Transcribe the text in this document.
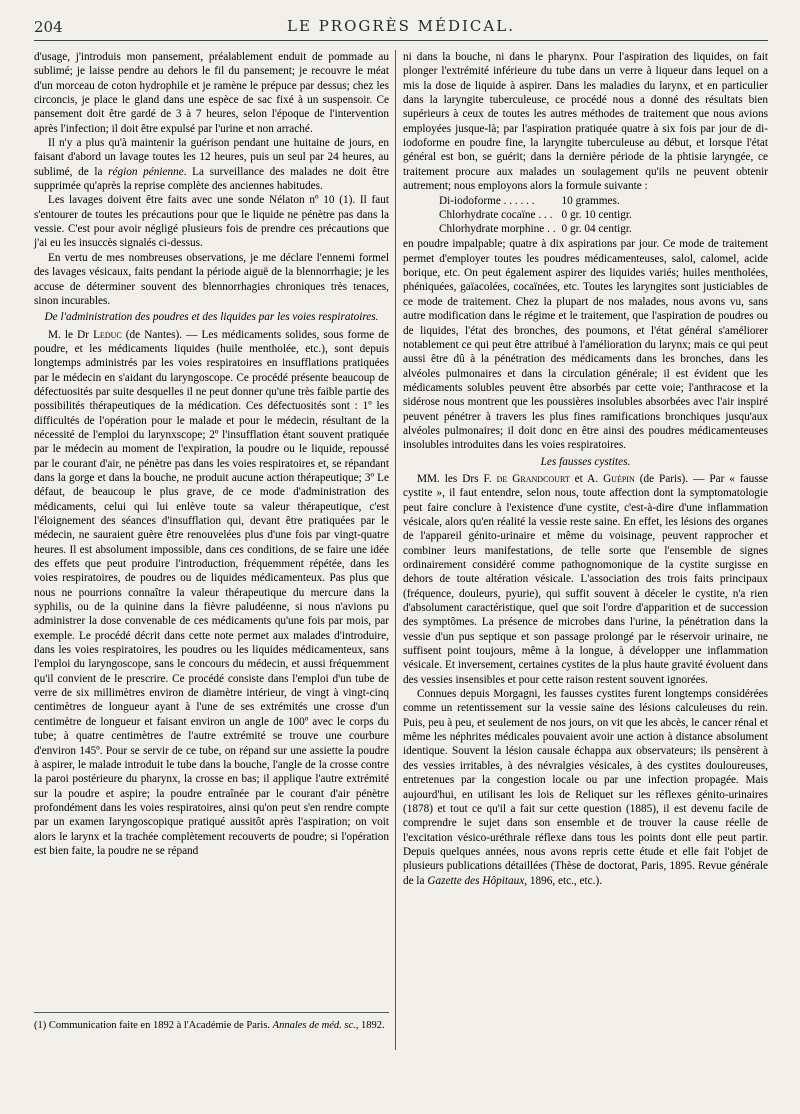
204	LE PROGRÈS MÉDICAL.

d'usage, j'introduis mon pansement, préalablement enduit de pommade au sublimé; je laisse pendre au dehors le fil du pansement; je recouvre le méat d'un morceau de coton hydrophile et je ramène le prépuce par dessus; chez les circoncis, je place le gland dans une espèce de sac fixé à un suspensoir. Ce pansement doit être gardé de 3 à 7 heures, selon l'époque de l'intervention après l'infection; il doit être expulsé par l'urine et non arraché.

Il n'y a plus qu'à maintenir la guérison pendant une huitaine de jours, en faisant d'abord un lavage toutes les 12 heures, puis un seul par 24 heures, au sublimé, de la région pénienne. La surveillance des malades ne doit être supprimée qu'après la reprise complète des anciennes habitudes.

Les lavages doivent être faits avec une sonde Nélaton nº 10 (1). Il faut s'entourer de toutes les précautions pour que le liquide ne pénètre pas dans la vessie. C'est pour avoir négligé plusieurs fois de prendre ces précautions que j'ai eu les insuccès signalés ci-dessus.

En vertu de mes nombreuses observations, je me déclare l'ennemi formel des lavages vésicaux, faits pendant la période aiguë de la blennorrhagie; je les accuse de déterminer souvent des blennorrhagies chroniques très tenaces, sinon incurables.

De l'administration des poudres et des liquides par les voies respiratoires.

M. le Dr Leduc (de Nantes). — Les médicaments solides, sous forme de poudre, et les médicaments liquides (huile mentholée, etc.), sont depuis longtemps administrés par les voies respiratoires en insufflations pratiquées par le médecin en s'aidant du laryngoscope. Ce procédé présente beaucoup de défectuosités par suite desquelles il ne peut donner qu'une très faible partie des possibilités thérapeutiques de la médication. Ces défectuosités sont : 1º les difficultés de l'opération pour le malade et pour le médecin, résultant de la nécessité de l'emploi du larynxscope; 2º l'insufflation étant souvent pratiquée par le médecin au moment de l'expiration, la poudre ou le liquide, repoussé par le courant d'air, ne pénètre pas dans les voies respiratoires et, se répandant dans la gorge et dans la bouche, ne produit aucune action thérapeutique; 3º Le défaut, de beaucoup le plus grave, de ce mode d'administration des médicaments, celui qui lui enlève toute sa valeur thérapeutique, c'est l'éloignement des séances d'insufflation qui, devant être pratiquées par le médecin, ne sauraient guère être renouvelées plus d'une fois par vingt-quatre heures. Il est absolument impossible, dans ces conditions, de se faire une idée des effets que peut produire l'introduction, fréquemment répétée, dans les voies respiratoires, de poudres ou de liquides médicamenteux. Pas plus que nous ne pourrions connaître la valeur thérapeutique du mercure dans la syphilis, ou de la quinine dans la fièvre paludéenne, si nous n'avions pu administrer la dose convenable de ces médicaments qu'une fois par mois, par exemple. Le procédé décrit dans cette note permet aux malades d'introduire, dans les voies respiratoires, les poudres ou les liquides médicamenteux, sans l'emploi du laryngoscope, sans le concours du médecin, et aussi fréquemment qu'il convient de le prescrire. Ce procédé consiste dans l'emploi d'un tube de verre de six millimètres environ de diamètre intérieur, de vingt à vingt-cinq centimètres de longueur ayant à l'une de ses extrémités une crosse d'un centimètre de longueur et faisant environ un angle de 100º avec le corps du tube; à quatre centimètres de l'autre extrémité se trouve une courbure d'environ 145º. Pour se servir de ce tube, on répand sur une assiette la poudre à aspirer, le malade introduit le tube dans la bouche, l'angle de la crosse contre la paroi postérieure du pharynx, la crosse en bas; il applique l'autre extrémité sur la poudre et aspire; la poudre entraînée par le courant d'air pénètre profondément dans les voies respiratoires, ainsi qu'on peut s'en rendre compte par un examen laryngoscopique pratiqué aussitôt après l'aspiration; on voit alors le larynx et la trachée complètement recouverts de poudre; si l'opération est bien faite, la poudre ne se répand

(1) Communication faite en 1892 à l'Académie de Paris. Annales de méd. sc., 1892.

ni dans la bouche, ni dans le pharynx. Pour l'aspiration des liquides, on fait plonger l'extrémité inférieure du tube dans un verre à liqueur dans lequel on a mis la dose de liquide à aspirer. Dans les maladies du larynx, et en particulier dans la laryngite tuberculeuse, ce procédé nous a donné des résultats bien supérieurs à ceux de toutes les autres méthodes de traitement que nous avions employées jusque-là; par l'aspiration pratiquée quatre à six fois par jour de di-iodoforme en poudre fine, la laryngite tuberculeuse au début, et lorsque l'état général est bon, se guérit; dans la dernière période de la phtisie laryngée, ce traitement procure aux malades un soulagement qu'ils ne peuvent obtenir autrement; nous employons alors la formule suivante :

Di-iodoforme . . . . . .	10 grammes.
Chlorhydrate cocaïne . . .	0 gr. 10 centigr.
Chlorhydrate morphine . .	0 gr. 04 centigr.

en poudre impalpable; quatre à dix aspirations par jour. Ce mode de traitement permet d'employer toutes les poudres médicamenteuses, salol, calomel, acide borique, etc. On peut également aspirer des liquides variés; huiles mentholées, phéniquées, gaïacolées, cocaïnées, etc. Toutes les laryngites sont justiciables de ce mode de traitement. Chez la plupart de nos malades, nous avons vu, sans autre modification dans le régime et le traitement, que l'aspiration de poudres ou de liquides, l'état des bronches, des poumons, et l'état général s'améliorer notablement ce qui peut être attribué à l'amélioration du larynx; mais ce qui peut aussi être dû à la pénétration des médicaments dans les bronches, dans les alvéoles pulmonaires et dans la circulation générale; il est évident que les médicaments solubles peuvent être absorbés par cette voie; l'anthracose et la sidérose nous montrent que les poussières insolubles absorbées avec l'air inspiré peuvent pénétrer à travers les plus fines ramifications bronchiques jusqu'aux alvéoles pulmonaires; il doit donc en être ainsi des poudres médicamenteuses insolubles introduites dans les voies respiratoires.

Les fausses cystites.

MM. les Drs F. de Grandcourt et A. Guépin (de Paris). — Par « fausse cystite », il faut entendre, selon nous, toute affection dont la symptomatologie peut faire conclure à l'existence d'une cystite, c'est-à-dire d'une inflammation vésicale, alors qu'en réalité la vessie reste saine. En effet, les lésions des organes de l'appareil génito-urinaire et même du voisinage, peuvent rapprocher et combiner leurs manifestations, de telle sorte que l'ensemble de signes ordinairement considéré comme pathognomonique de la cystite surgisse en dehors de toute altération vésicale. L'association des trois faits principaux (fréquence, douleurs, pyurie), qui suffit souvent à déceler le cystite, n'a rien d'absolument caractéristique, quel que soit l'ordre d'apparition et de succession des symptômes. La présence de microbes dans l'urine, la pénétration dans la vessie d'un pus septique et son passage prolongé par le réservoir urinaire, ne suffisent point toujours, même à la longue, à développer une inflammation vésicale. Et inversement, certaines cystites de la plus haute gravité évoluent dans des vessies insensibles et pour cette raison restent souvent ignorées.

Connues depuis Morgagni, les fausses cystites furent longtemps considérées comme un retentissement sur la vessie saine des lésions calculeuses du rein. Puis, peu à peu, et seulement de nos jours, on vit que les abcès, le cancer rénal et même les néphrites médicales pouvaient avoir une action à distance absolument identique. Souvent la lésion causale échappa aux observateurs; ils pensèrent à des vessies irritables, à des névralgies vésicales, à des cystites douloureuses, entretenues par la congestion locale ou par une infection propagée. Mais aujourd'hui, en utilisant les lois de Reliquet sur les réflexes génito-urinaires (1878) et tout ce qu'il a fait sur cette question (1885), il est devenu facile de comprendre le sujet dans son ensemble et de trouver la cause réelle de l'excitation vésico-uréthrale réflexe dans tous les points dont elle peut partir. Depuis quelques années, nous avons repris cette étude et elle fait l'objet de plusieurs publications détaillées (Thèse de doctorat, Paris, 1895. Revue générale de la Gazette des Hôpitaux, 1896, etc., etc.).
